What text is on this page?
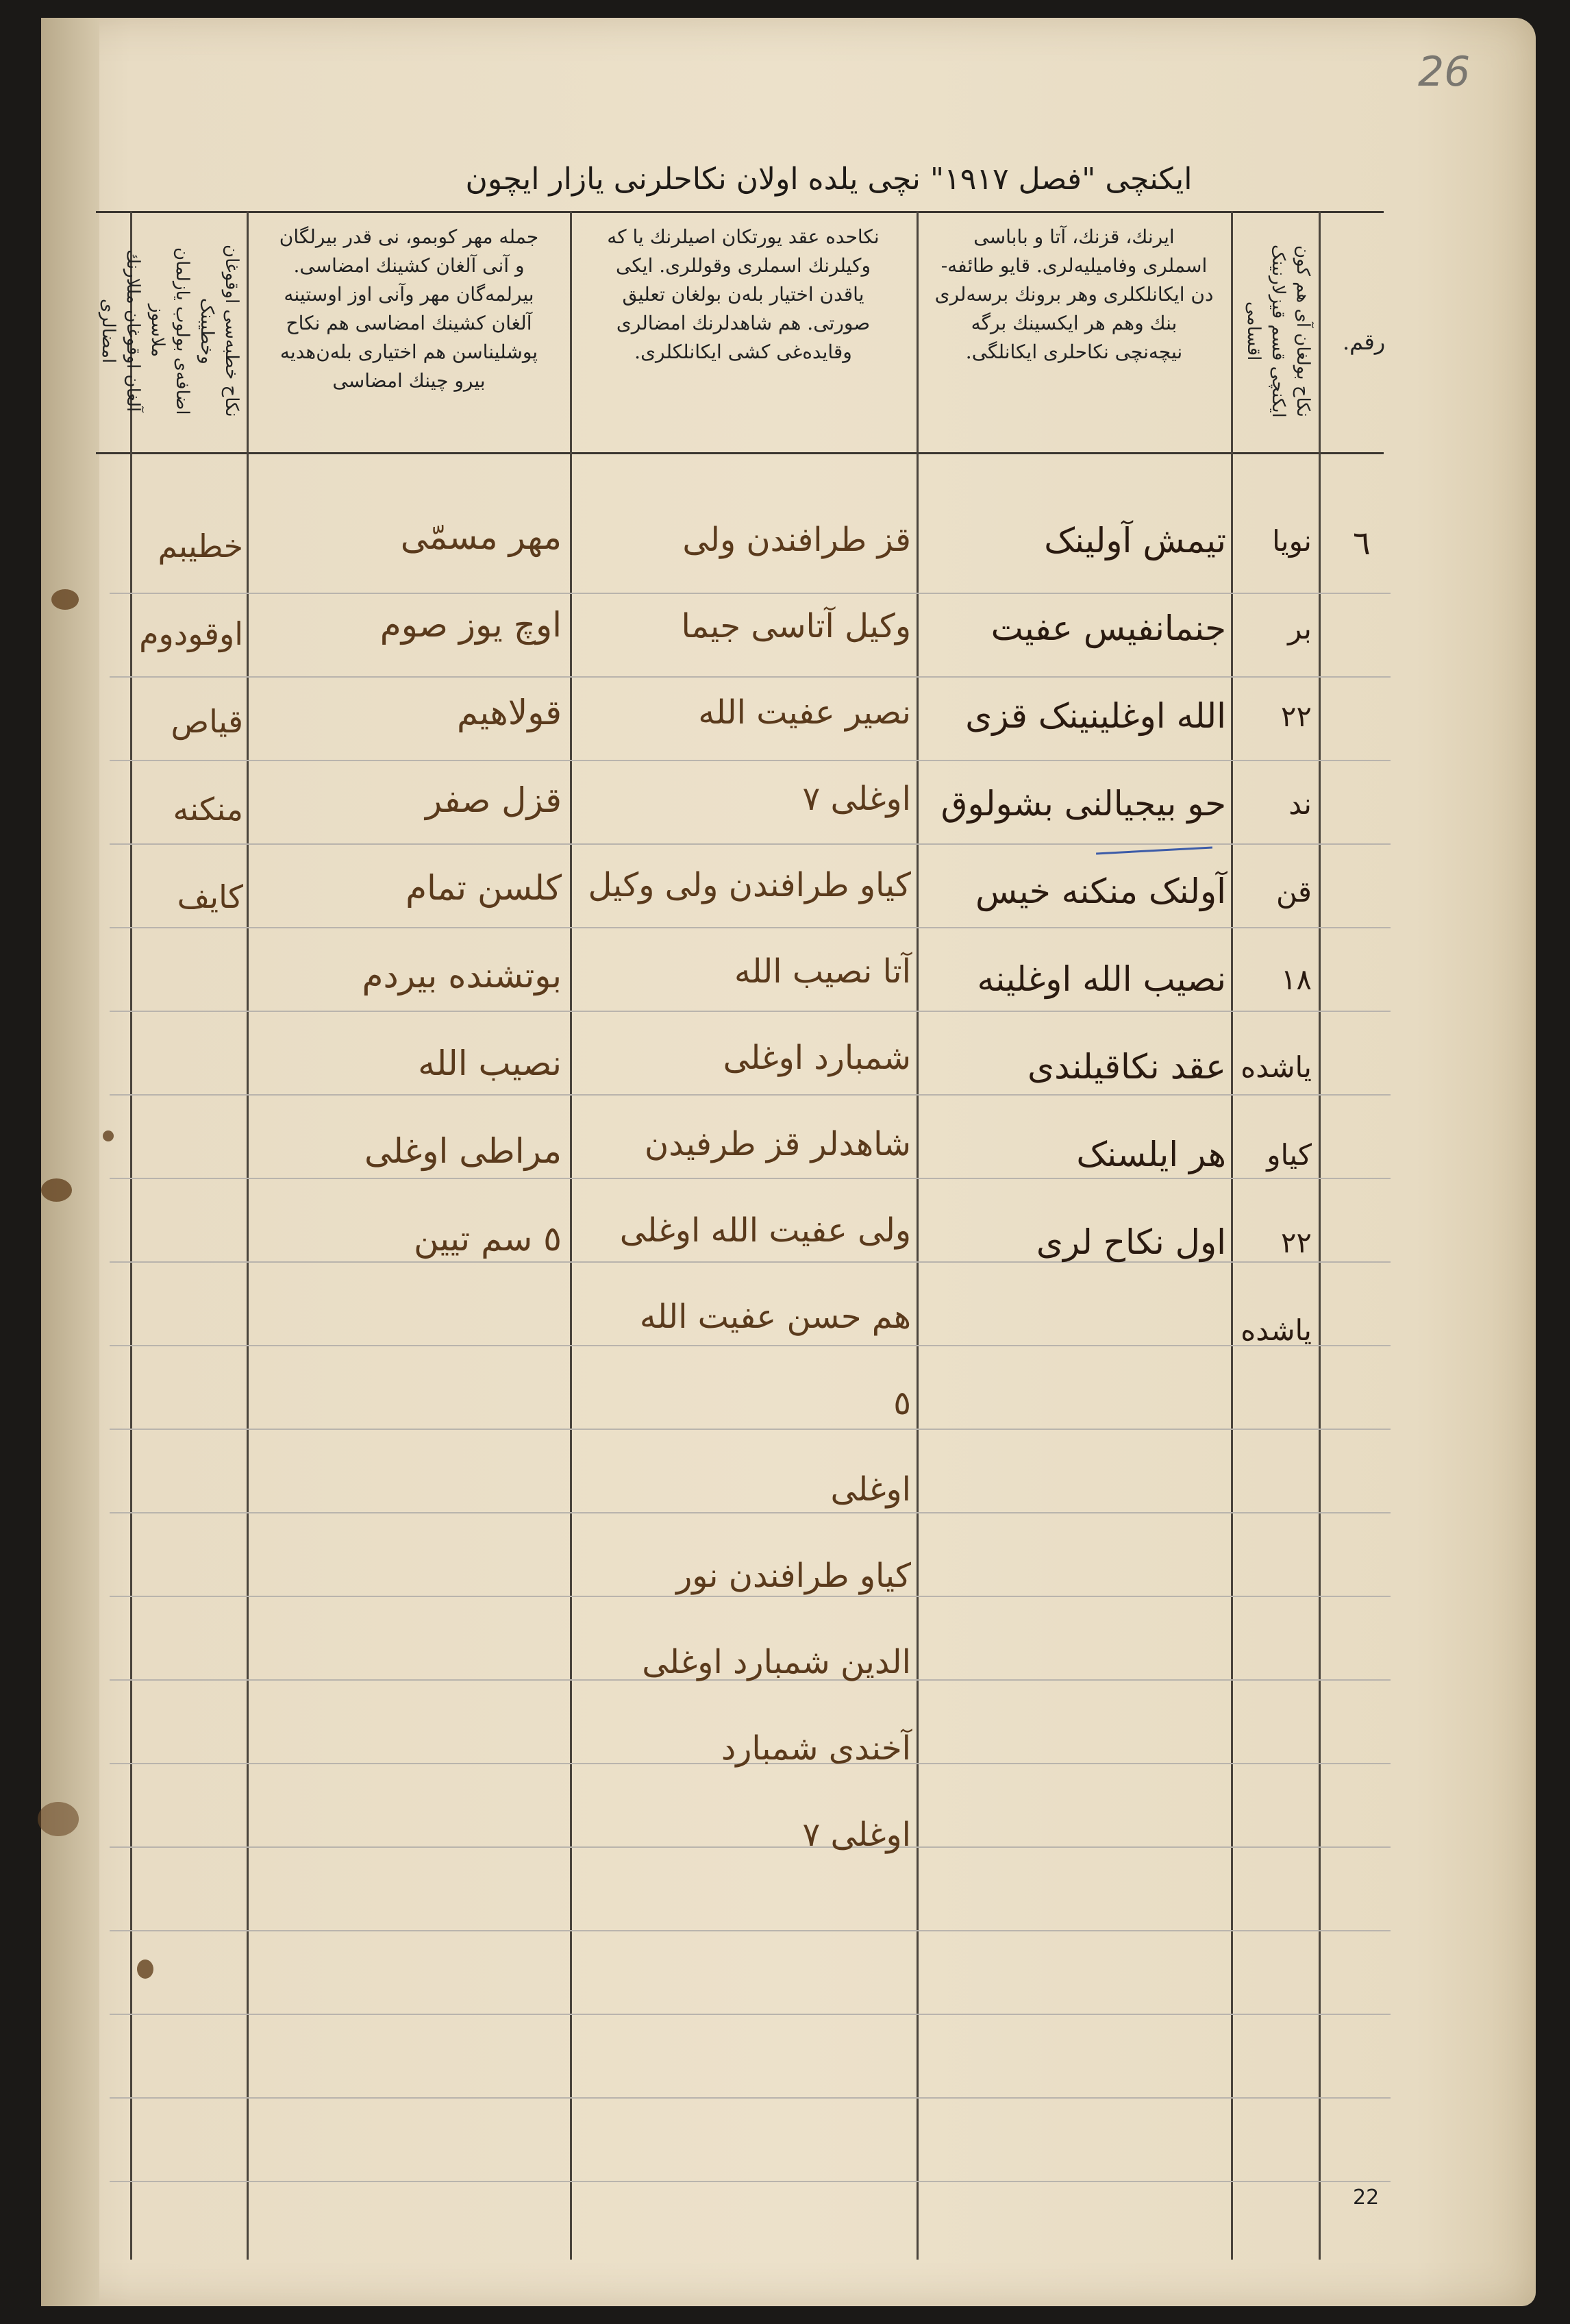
26
ایکنچی "فصل ۱۹۱۷" نچی یلده اولان نکاحلرنی یازار ایچون
رقم.
نکاح بولغان آی هم کون
ایکنچی قسم قیزلارنینک
اقسامی
ایرنك، قزنك، آتا و باباسی
اسملری وفامیلیه‌لری. قایو طائفه-
دن ایکانلکلری وهر برونك برسه‌لری
بنك وهم هر ایکسینك برگه
نیچه‌نچی نکاحلری ایکانلگی.
نکاحده عقد یورتکان اصیلرنك یا که
وکیلرنك اسملری وقوللری. ایکی
یاقدن اختیار بلەن بولغان تعلیق
صورتی. هم شاهدلرنك امضالری
وقایده‌غی کشی ایکانلکلری.
جمله مهر کوبمو، نی قدر بیرلگان
و آنی آلغان کشینك امضاسی.
بیرلمه‌گان مهر وآنی اوز اوستینه
آلغان کشینك امضاسی هم نکاح
پوشلیناسن هم اختیاری بلەن‌هدیه
بیرو چینك امضاسی
نکاح خطبه‌سی اوقوغان وخطیبنک
اضافه‌ی بولوب یازلمان ملاسوز
آلغان اوقوغان مللارنك امضالری
٦
نویا
بر
٢٢
ند
قن
١٨
یاشده
کیاو
٢٢
یاشده
تیمش آولینک
جنمانفیس عفیت
الله اوغلینینک قزی
حو بیجیالنی بشولوق
آولنک منکنه خیس
نصیب الله اوغلینه
عقد نکاقیلندی
هر ایلسنک
اول نکاح لری
قز طرافندن ولی
وکیل آتاسی جیما
نصیر عفیت الله
اوغلی ٧
کیاو طرافندن ولی وکیل
آتا نصیب الله
شمبارد اوغلی
شاهدلر قز طرفیدن
ولی عفیت الله اوغلی
هم حسن عفیت الله
٥
اوغلی
کیاو طرافندن نور
الدین شمبارد اوغلی
آخندی شمبارد
اوغلی ٧
مهر مسمّی
اوچ یوز صوم
قولاهیم
قزل صفر
کلسن تمام
بوتشنده بیردم
نصیب الله
مراطی اوغلی
٥ سم تیین
خطیبم
اوقودوم
قیاص
منکنه
کایف
22
